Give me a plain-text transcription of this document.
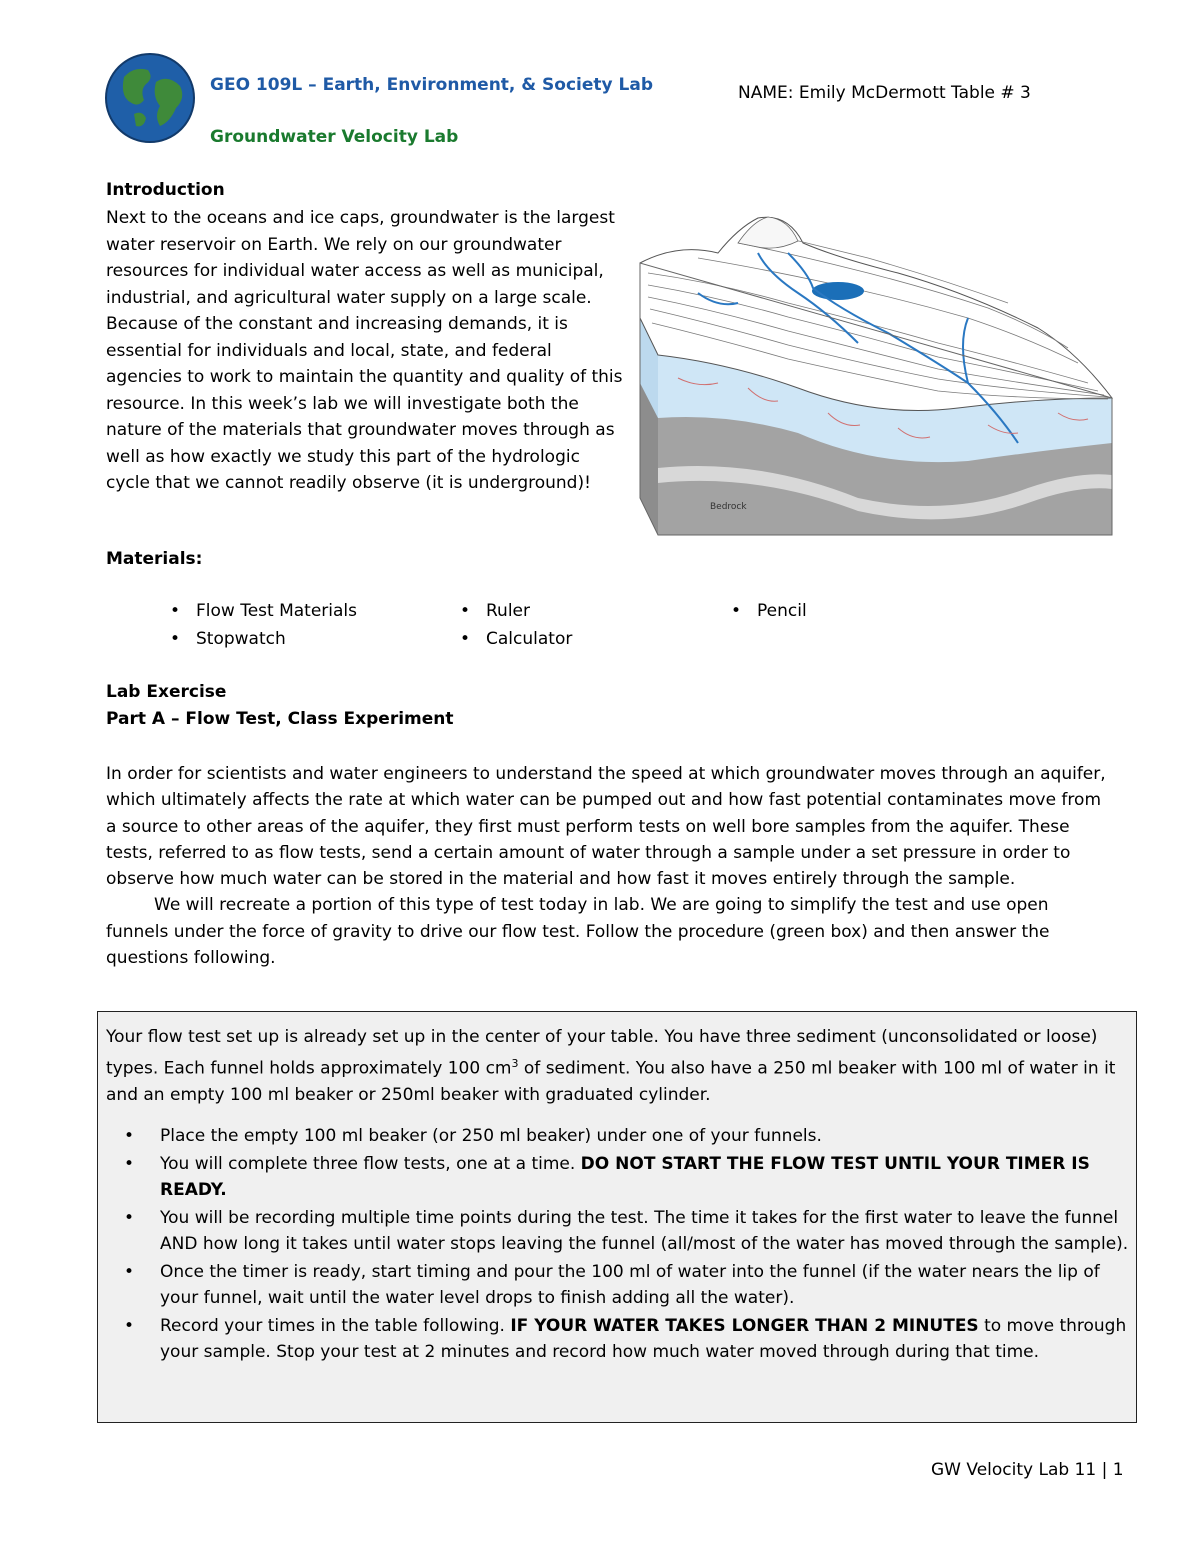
GEO 109L – Earth, Environment, & Society Lab
Groundwater Velocity Lab
NAME: Emily McDermott Table # 3
Introduction
Next to the oceans and ice caps, groundwater is the largest water reservoir on Earth. We rely on our groundwater resources for individual water access as well as municipal, industrial, and agricultural water supply on a large scale. Because of the constant and increasing demands, it is essential for individuals and local, state, and federal agencies to work to maintain the quantity and quality of this resource. In this week’s lab we will investigate both the nature of the materials that groundwater moves through as well as how exactly we study this part of the hydrologic cycle that we cannot readily observe (it is underground)!
Bedrock
Materials:
• Flow Test Materials	• Ruler	• Pencil
• Stopwatch	• Calculator
Lab Exercise
Part A – Flow Test, Class Experiment

In order for scientists and water engineers to understand the speed at which groundwater moves through an aquifer, which ultimately affects the rate at which water can be pumped out and how fast potential contaminates move from a source to other areas of the aquifer, they first must perform tests on well bore samples from the aquifer. These tests, referred to as flow tests, send a certain amount of water through a sample under a set pressure in order to observe how much water can be stored in the material and how fast it moves entirely through the sample.

We will recreate a portion of this type of test today in lab. We are going to simplify the test and use open funnels under the force of gravity to drive our flow test. Follow the procedure (green box) and then answer the questions following.

Your flow test set up is already set up in the center of your table. You have three sediment (unconsolidated or loose) types. Each funnel holds approximately 100 $cm^3$ of sediment. You also have a 250 ml beaker with 100 ml of water in it and an empty 100 ml beaker or 250ml beaker with graduated cylinder.
• Place the empty 100 ml beaker (or 250 ml beaker) under one of your funnels.
• You will complete three flow tests, one at a time. DO NOT START THE FLOW TEST UNTIL YOUR TIMER IS READY.
• You will be recording multiple time points during the test. The time it takes for the first water to leave the funnel AND how long it takes until water stops leaving the funnel (all/most of the water has moved through the sample).
• Once the timer is ready, start timing and pour the 100 ml of water into the funnel (if the water nears the lip of your funnel, wait until the water level drops to finish adding all the water).
• Record your times in the table following. IF YOUR WATER TAKES LONGER THAN 2 MINUTES to move through your sample. Stop your test at 2 minutes and record how much water moved through during that time.
GW Velocity Lab 11 | 1
